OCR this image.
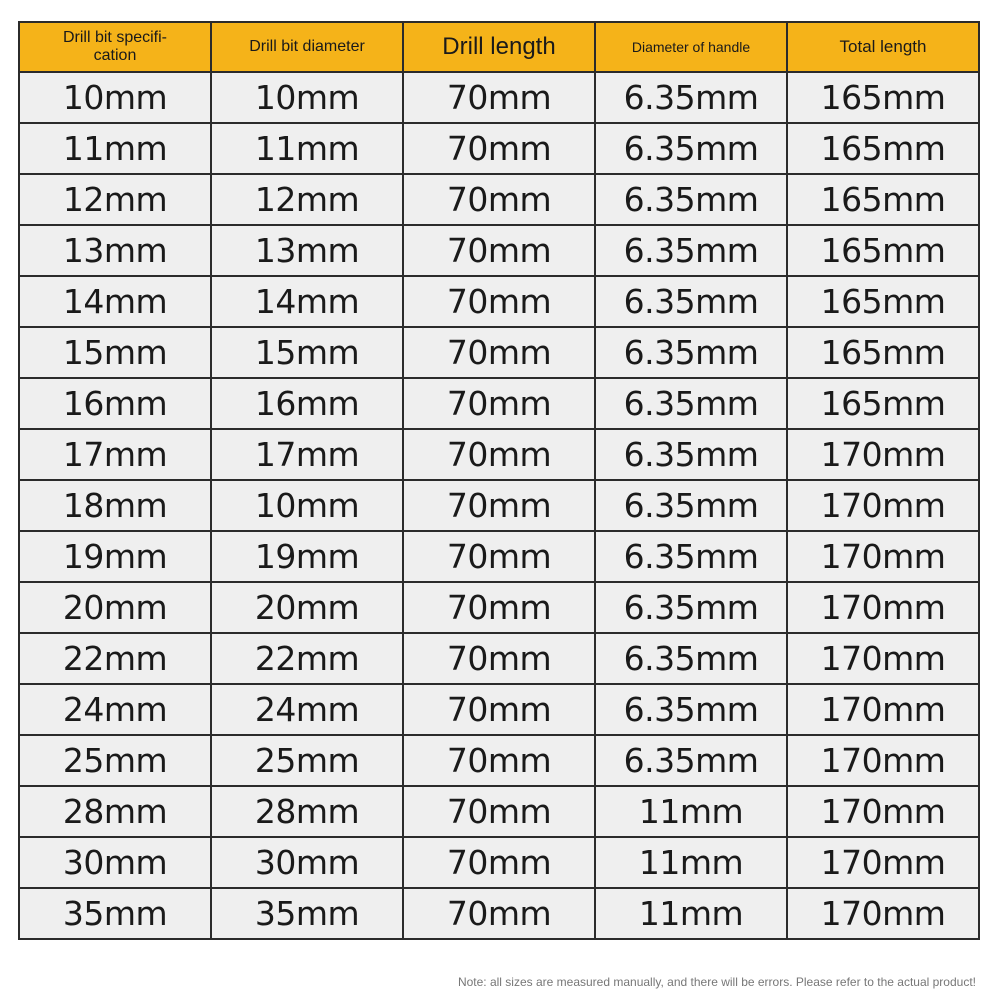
Drill bit specifi-
cation	Drill bit diameter	Drill length	Diameter of handle	Total length
10mm	10mm	70mm	6.35mm	165mm
11mm	11mm	70mm	6.35mm	165mm
12mm	12mm	70mm	6.35mm	165mm
13mm	13mm	70mm	6.35mm	165mm
14mm	14mm	70mm	6.35mm	165mm
15mm	15mm	70mm	6.35mm	165mm
16mm	16mm	70mm	6.35mm	165mm
17mm	17mm	70mm	6.35mm	170mm
18mm	10mm	70mm	6.35mm	170mm
19mm	19mm	70mm	6.35mm	170mm
20mm	20mm	70mm	6.35mm	170mm
22mm	22mm	70mm	6.35mm	170mm
24mm	24mm	70mm	6.35mm	170mm
25mm	25mm	70mm	6.35mm	170mm
28mm	28mm	70mm	11mm	170mm
30mm	30mm	70mm	11mm	170mm
35mm	35mm	70mm	11mm	170mm
Note: all sizes are measured manually, and there will be errors. Please refer to the actual product!
